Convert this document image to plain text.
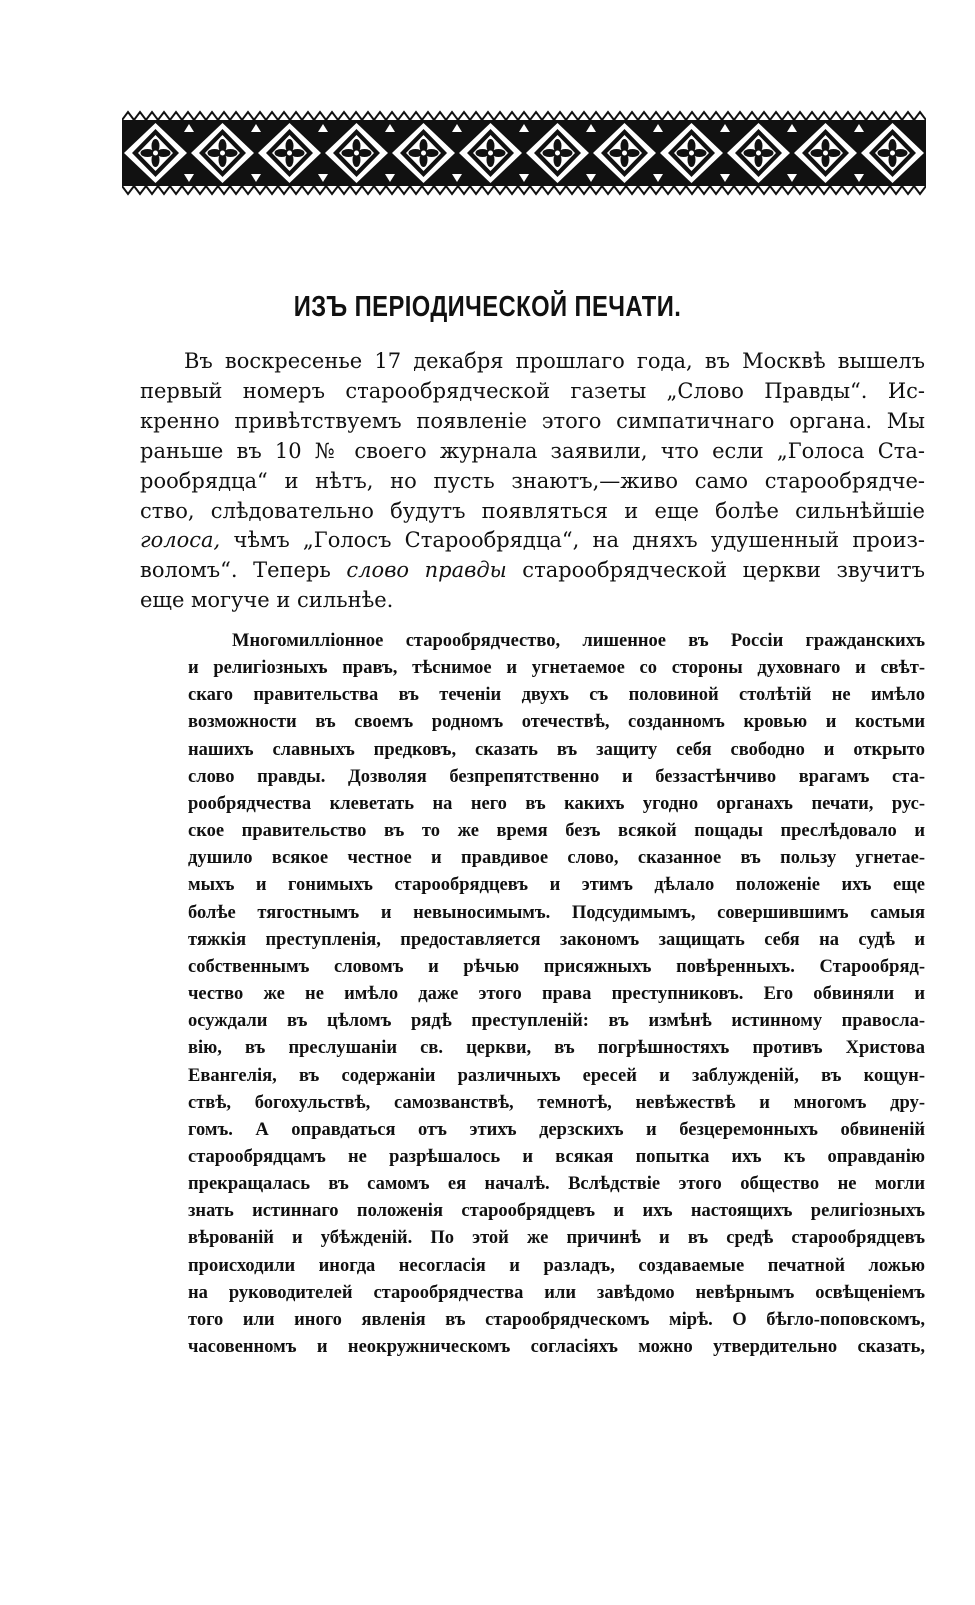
ИЗЪ ПЕРІОДИЧЕСКОЙ ПЕЧАТИ.
Въ воскресенье 17 декабря прошлаго года, въ Москвѣ вышелъ
первый номеръ старообрядческой газеты „Слово Правды“. Ис-
кренно привѣтствуемъ появленіе этого симпатичнаго органа. Мы
раньше въ 10 № своего журнала заявили, что если „Голоса Ста-
рообрядца“ и нѣтъ, но пусть знаютъ,—живо само старообрядче-
ство, слѣдовательно будутъ появляться и еще болѣе сильнѣйшіе
голоса, чѣмъ „Голосъ Старообрядца“, на дняхъ удушенный произ-
воломъ“. Теперь слово правды старообрядческой церкви звучитъ
еще могуче и сильнѣе.
Многомилліонное старообрядчество, лишенное въ Россіи гражданскихъ
и религіозныхъ правъ, тѣснимое и угнетаемое со стороны духовнаго и свѣт-
скаго правительства въ теченіи двухъ съ половиной столѣтій не имѣло
возможности въ своемъ родномъ отечествѣ, созданномъ кровью и костьми
нашихъ славныхъ предковъ, сказать въ защиту себя свободно и открыто
слово правды. Дозволяя безпрепятственно и беззастѣнчиво врагамъ ста-
рообрядчества клеветать на него въ какихъ угодно органахъ печати, рус-
ское правительство въ то же время безъ всякой пощады преслѣдовало и
душило всякое честное и правдивое слово, сказанное въ пользу угнетае-
мыхъ и гонимыхъ старообрядцевъ и этимъ дѣлало положеніе ихъ еще
болѣе тягостнымъ и невыносимымъ. Подсудимымъ, совершившимъ самыя
тяжкія преступленія, предоставляется закономъ защищать себя на судѣ и
собственнымъ словомъ и рѣчью присяжныхъ повѣренныхъ. Старообряд-
чество же не имѣло даже этого права преступниковъ. Его обвиняли и
осуждали въ цѣломъ рядѣ преступленій: въ измѣнѣ истинному правосла-
вію, въ преслушаніи св. церкви, въ погрѣшностяхъ противъ Христова
Евангелія, въ содержаніи различныхъ ересей и заблужденій, въ кощун-
ствѣ, богохульствѣ, самозванствѣ, темнотѣ, невѣжествѣ и многомъ дру-
гомъ. А оправдаться отъ этихъ дерзскихъ и безцеремонныхъ обвиненій
старообрядцамъ не разрѣшалось и всякая попытка ихъ къ оправданію
прекращалась въ самомъ ея началѣ. Вслѣдствіе этого общество не могли
знать истиннаго положенія старообрядцевъ и ихъ настоящихъ религіозныхъ
вѣрованій и убѣжденій. По этой же причинѣ и въ средѣ старообрядцевъ
происходили иногда несогласія и разладъ, создаваемые печатной ложью
на руководителей старообрядчества или завѣдомо невѣрнымъ освѣщеніемъ
того или иного явленія въ старообрядческомъ мірѣ. О бѣгло-поповскомъ,
часовенномъ и неокружническомъ согласіяхъ можно утвердительно сказать,
